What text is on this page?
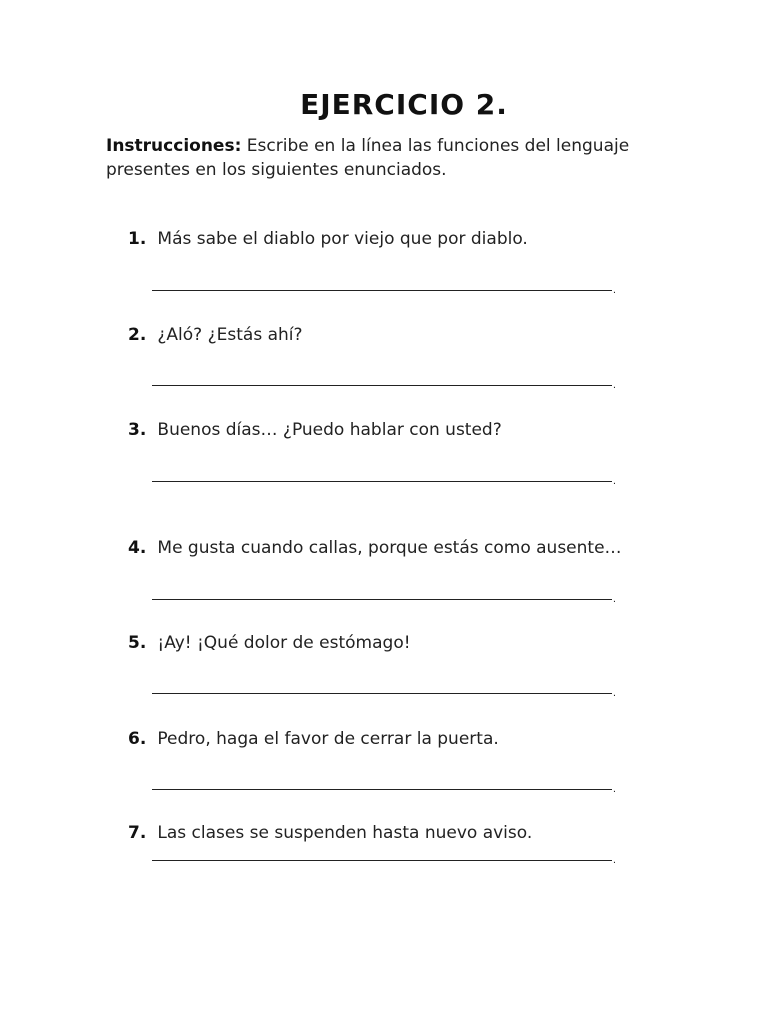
EJERCICIO 2.
Instrucciones: Escribe en la línea las funciones del lenguaje presentes en los siguientes enunciados.
1. Más sabe el diablo por viejo que por diablo.
.
2. ¿Aló? ¿Estás ahí?
.
3. Buenos días… ¿Puedo hablar con usted?
.
4. Me gusta cuando callas, porque estás como ausente…
.
5. ¡Ay! ¡Qué dolor de estómago!
.
6. Pedro, haga el favor de cerrar la puerta.
.
7. Las clases se suspenden hasta nuevo aviso.
.
